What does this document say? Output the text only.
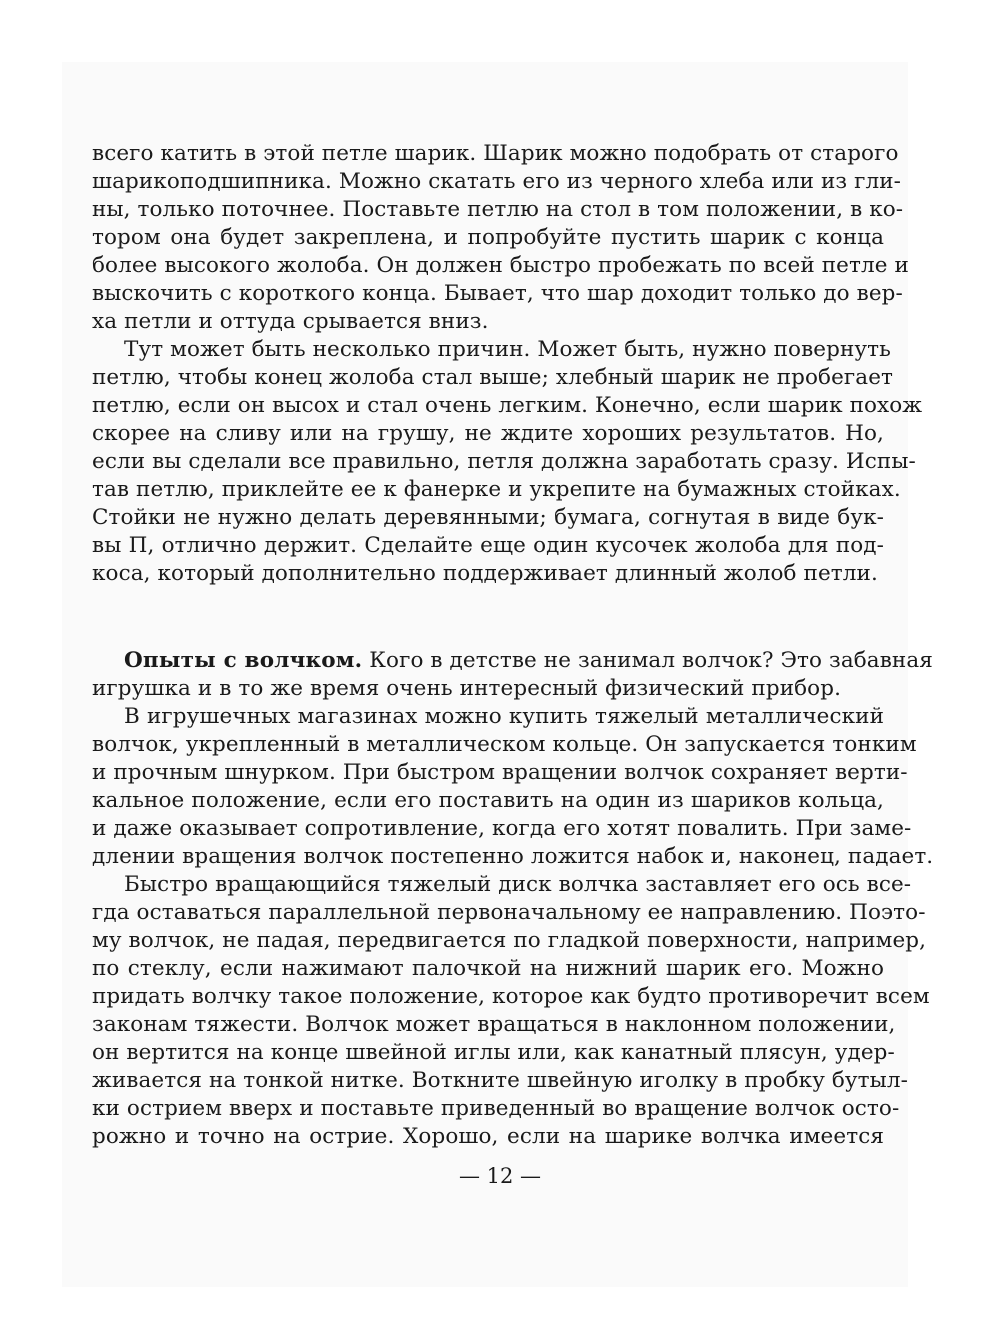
всего катить в этой петле шарик. Шарик можно подобрать от старого
шарикоподшипника. Можно скатать его из черного хлеба или из гли-
ны, только поточнее. Поставьте петлю на стол в том положении, в ко-
тором она будет закреплена, и попробуйте пустить шарик с конца
более высокого жолоба. Он должен быстро пробежать по всей петле и
выскочить с короткого конца. Бывает, что шар доходит только до вер-
ха петли и оттуда срывается вниз.
Тут может быть несколько причин. Может быть, нужно повернуть
петлю, чтобы конец жолоба стал выше; хлебный шарик не пробегает
петлю, если он высох и стал очень легким. Конечно, если шарик похож
скорее на сливу или на грушу, не ждите хороших результатов. Но,
если вы сделали все правильно, петля должна заработать сразу. Испы-
тав петлю, приклейте ее к фанерке и укрепите на бумажных стойках.
Стойки не нужно делать деревянными; бумага, согнутая в виде бук-
вы П, отлично держит. Сделайте еще один кусочек жолоба для под-
коса, который дополнительно поддерживает длинный жолоб петли.
Опыты с волчком. Кого в детстве не занимал волчок? Это забавная
игрушка и в то же время очень интересный физический прибор.
В игрушечных магазинах можно купить тяжелый металлический
волчок, укрепленный в металлическом кольце. Он запускается тонким
и прочным шнурком. При быстром вращении волчок сохраняет верти-
кальное положение, если его поставить на один из шариков кольца,
и даже оказывает сопротивление, когда его хотят повалить. При заме-
длении вращения волчок постепенно ложится набок и, наконец, падает.
Быстро вращающийся тяжелый диск волчка заставляет его ось все-
гда оставаться параллельной первоначальному ее направлению. Поэто-
му волчок, не падая, передвигается по гладкой поверхности, например,
по стеклу, если нажимают палочкой на нижний шарик его. Можно
придать волчку такое положение, которое как будто противоречит всем
законам тяжести. Волчок может вращаться в наклонном положении,
он вертится на конце швейной иглы или, как канатный плясун, удер-
живается на тонкой нитке. Воткните швейную иголку в пробку бутыл-
ки острием вверх и поставьте приведенный во вращение волчок осто-
рожно и точно на острие. Хорошо, если на шарике волчка имеется
— 12 —
